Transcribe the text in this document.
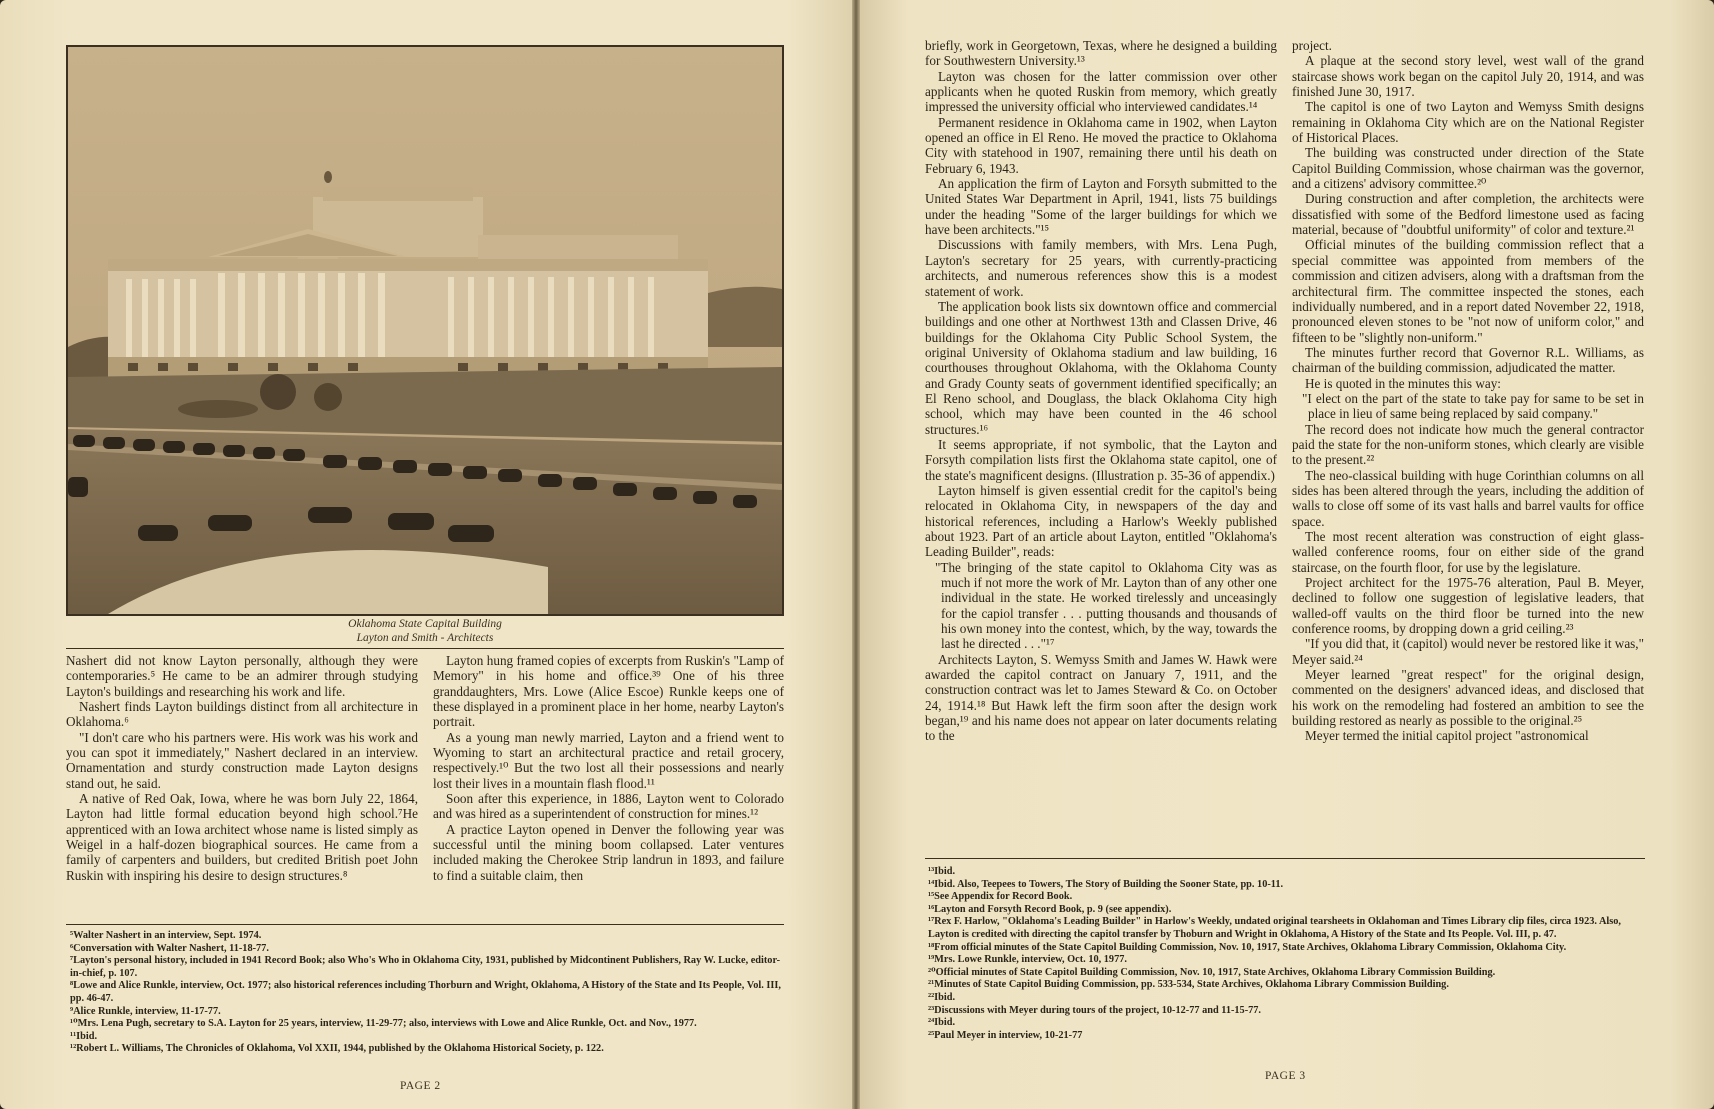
Oklahoma State Capital Building
Layton and Smith - Architects

Nashert did not know Layton personally, although they were contemporaries.⁵ He came to be an admirer through studying Layton's buildings and researching his work and life.

Nashert finds Layton buildings distinct from all architecture in Oklahoma.⁶

"I don't care who his partners were. His work was his work and you can spot it immediately," Nashert declared in an interview. Ornamentation and sturdy construction made Layton designs stand out, he said.

A native of Red Oak, Iowa, where he was born July 22, 1864, Layton had little formal education beyond high school.⁷He apprenticed with an Iowa architect whose name is listed simply as Weigel in a half-dozen biographical sources. He came from a family of carpenters and builders, but credited British poet John Ruskin with inspiring his desire to design structures.⁸

Layton hung framed copies of excerpts from Ruskin's "Lamp of Memory" in his home and office.³⁹ One of his three granddaughters, Mrs. Lowe (Alice Escoe) Runkle keeps one of these displayed in a prominent place in her home, nearby Layton's portrait.

As a young man newly married, Layton and a friend went to Wyoming to start an architectural practice and retail grocery, respectively.¹⁰ But the two lost all their possessions and nearly lost their lives in a mountain flash flood.¹¹

Soon after this experience, in 1886, Layton went to Colorado and was hired as a superintendent of construction for mines.¹²

A practice Layton opened in Denver the following year was successful until the mining boom collapsed. Later ventures included making the Cherokee Strip landrun in 1893, and failure to find a suitable claim, then

⁵Walter Nashert in an interview, Sept. 1974.
⁶Conversation with Walter Nashert, 11-18-77.
⁷Layton's personal history, included in 1941 Record Book; also Who's Who in Oklahoma City, 1931, published by Midcontinent Publishers, Ray W. Lucke, editor-in-chief, p. 107.
⁸Lowe and Alice Runkle, interview, Oct. 1977; also historical references including Thorburn and Wright, Oklahoma, A History of the State and Its People, Vol. III, pp. 46-47.
⁹Alice Runkle, interview, 11-17-77.
¹⁰Mrs. Lena Pugh, secretary to S.A. Layton for 25 years, interview, 11-29-77; also, interviews with Lowe and Alice Runkle, Oct. and Nov., 1977.
¹¹Ibid.
¹²Robert L. Williams, The Chronicles of Oklahoma, Vol XXII, 1944, published by the Oklahoma Historical Society, p. 122.
PAGE 2

briefly, work in Georgetown, Texas, where he designed a building for Southwestern University.¹³

Layton was chosen for the latter commission over other applicants when he quoted Ruskin from memory, which greatly impressed the university official who interviewed candidates.¹⁴

Permanent residence in Oklahoma came in 1902, when Layton opened an office in El Reno. He moved the practice to Oklahoma City with statehood in 1907, remaining there until his death on February 6, 1943.

An application the firm of Layton and Forsyth submitted to the United States War Department in April, 1941, lists 75 buildings under the heading "Some of the larger buildings for which we have been architects."¹⁵

Discussions with family members, with Mrs. Lena Pugh, Layton's secretary for 25 years, with currently-practicing architects, and numerous references show this is a modest statement of work.

The application book lists six downtown office and commercial buildings and one other at Northwest 13th and Classen Drive, 46 buildings for the Oklahoma City Public School System, the original University of Oklahoma stadium and law building, 16 courthouses throughout Oklahoma, with the Oklahoma County and Grady County seats of government identified specifically; an El Reno school, and Douglass, the black Oklahoma City high school, which may have been counted in the 46 school structures.¹⁶

It seems appropriate, if not symbolic, that the Layton and Forsyth compilation lists first the Oklahoma state capitol, one of the state's magnificent designs. (Illustration p. 35-36 of appendix.)

Layton himself is given essential credit for the capitol's being relocated in Oklahoma City, in newspapers of the day and historical references, including a Harlow's Weekly published about 1923. Part of an article about Layton, entitled "Oklahoma's Leading Builder", reads:

"The bringing of the state capitol to Oklahoma City was as much if not more the work of Mr. Layton than of any other one individual in the state. He worked tirelessly and unceasingly for the capiol transfer . . . putting thousands and thousands of his own money into the contest, which, by the way, towards the last he directed . . ."¹⁷

Architects Layton, S. Wemyss Smith and James W. Hawk were awarded the capitol contract on January 7, 1911, and the construction contract was let to James Steward & Co. on October 24, 1914.¹⁸ But Hawk left the firm soon after the design work began,¹⁹ and his name does not appear on later documents relating to the

project.

A plaque at the second story level, west wall of the grand staircase shows work began on the capitol July 20, 1914, and was finished June 30, 1917.

The capitol is one of two Layton and Wemyss Smith designs remaining in Oklahoma City which are on the National Register of Historical Places.

The building was constructed under direction of the State Capitol Building Commission, whose chairman was the governor, and a citizens' advisory committee.²⁰

During construction and after completion, the architects were dissatisfied with some of the Bedford limestone used as facing material, because of "doubtful uniformity" of color and texture.²¹

Official minutes of the building commission reflect that a special committee was appointed from members of the commission and citizen advisers, along with a draftsman from the architectural firm. The committee inspected the stones, each individually numbered, and in a report dated November 22, 1918, pronounced eleven stones to be "not now of uniform color," and fifteen to be "slightly non-uniform."

The minutes further record that Governor R.L. Williams, as chairman of the building commission, adjudicated the matter.

He is quoted in the minutes this way:

"I elect on the part of the state to take pay for same to be set in place in lieu of same being replaced by said company."

The record does not indicate how much the general contractor paid the state for the non-uniform stones, which clearly are visible to the present.²²

The neo-classical building with huge Corinthian columns on all sides has been altered through the years, including the addition of walls to close off some of its vast halls and barrel vaults for office space.

The most recent alteration was construction of eight glass-walled conference rooms, four on either side of the grand staircase, on the fourth floor, for use by the legislature.

Project architect for the 1975-76 alteration, Paul B. Meyer, declined to follow one suggestion of legislative leaders, that walled-off vaults on the third floor be turned into the new conference rooms, by dropping down a grid ceiling.²³

"If you did that, it (capitol) would never be restored like it was," Meyer said.²⁴

Meyer learned "great respect" for the original design, commented on the designers' advanced ideas, and disclosed that his work on the remodeling had fostered an ambition to see the building restored as nearly as possible to the original.²⁵

Meyer termed the initial capitol project "astronomical

¹³Ibid.
¹⁴Ibid. Also, Teepees to Towers, The Story of Building the Sooner State, pp. 10-11.
¹⁵See Appendix for Record Book.
¹⁶Layton and Forsyth Record Book, p. 9 (see appendix).
¹⁷Rex F. Harlow, "Oklahoma's Leading Builder" in Harlow's Weekly, undated original tearsheets in Oklahoman and Times Library clip files, circa 1923. Also, Layton is credited with directing the capitol transfer by Thoburn and Wright in Oklahoma, A History of the State and Its People. Vol. III, p. 47.
¹⁸From official minutes of the State Capitol Building Commission, Nov. 10, 1917, State Archives, Oklahoma Library Commission, Oklahoma City.
¹⁹Mrs. Lowe Runkle, interview, Oct. 10, 1977.
²⁰Official minutes of State Capitol Building Commission, Nov. 10, 1917, State Archives, Oklahoma Library Commission Building.
²¹Minutes of State Capitol Buiding Commission, pp. 533-534, State Archives, Oklahoma Library Commission Building.
²²Ibid.
²³Discussions with Meyer during tours of the project, 10-12-77 and 11-15-77.
²⁴Ibid.
²⁵Paul Meyer in interview, 10-21-77
PAGE 3
